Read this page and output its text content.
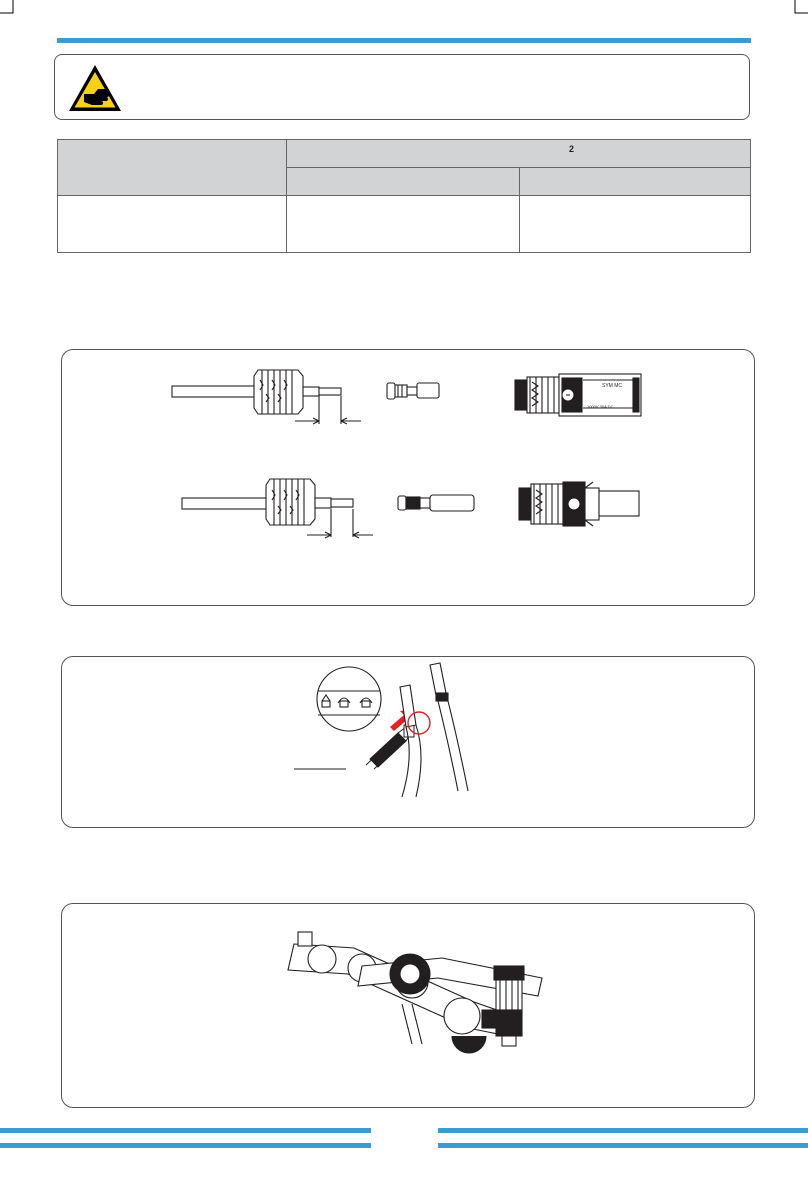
	2	

SYM MC
1000V 30A DC
